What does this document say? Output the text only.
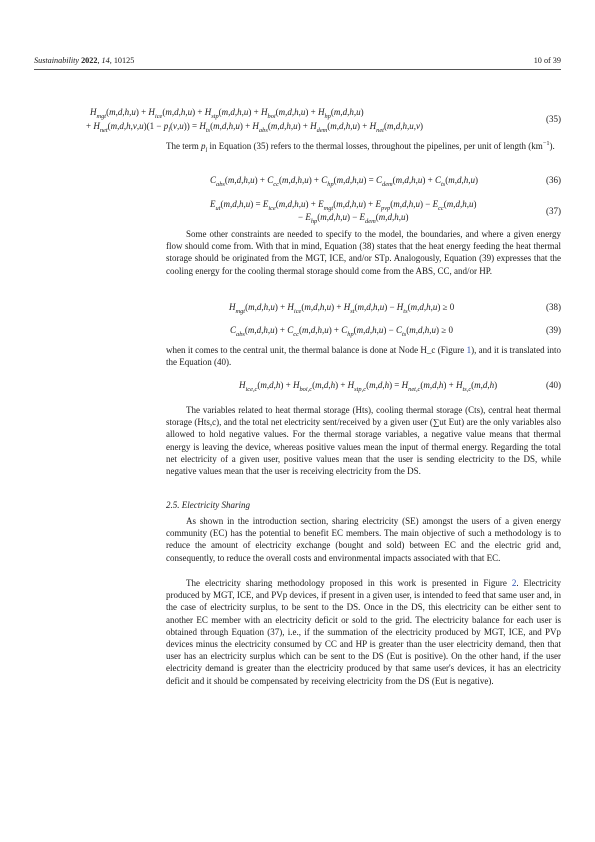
Sustainability 2022, 14, 10125	10 of 39
$H_{mgt}(m,d,h,u) + H_{ice}(m,d,h,u) + H_{stp}(m,d,h,u) + H_{boi}(m,d,h,u) + H_{hp}(m,d,h,u)$
+ $H_{net}(m,d,h,v,u)(1 - p_l(v,u)) = H_{ts}(m,d,h,u) + H_{abs}(m,d,h,u) + H_{dem}(m,d,h,u) + H_{net}(m,d,h,u,v)$
(35)

The term $p_l$ in Equation (35) refers to the thermal losses, throughout the pipelines, per unit of length $(km^{-1})$.

$C_{abs}(m,d,h,u) + C_{cc}(m,d,h,u) + C_{hp}(m,d,h,u) = C_{dem}(m,d,h,u) + C_{ts}(m,d,h,u)$	(36)
$E_{ut}(m,d,h,u) = E_{ice}(m,d,h,u) + E_{mgt}(m,d,h,u) + E_{pvp}(m,d,h,u) - E_{cc}(m,d,h,u)$
− $E_{hp}(m,d,h,u) - E_{dem}(m,d,h,u)$
(37)

Some other constraints are needed to specify to the model, the boundaries, and where a given energy flow should come from. With that in mind, Equation (38) states that the heat energy feeding the heat thermal storage should be originated from the MGT, ICE, and/or STp. Analogously, Equation (39) expresses that the cooling energy for the cooling thermal storage should come from the ABS, CC, and/or HP.

$H_{mgt}(m,d,h,u) + H_{ice}(m,d,h,u) + H_{st}(m,d,h,u) - H_{ts}(m,d,h,u) \ge 0$	(38)
$C_{abs}(m,d,h,u) + C_{cc}(m,d,h,u) + C_{hp}(m,d,h,u) - C_{ts}(m,d,h,u) \ge 0$	(39)

when it comes to the central unit, the thermal balance is done at Node H_c (Figure 1), and it is translated into the Equation (40).

$H_{ice,c}(m,d,h) + H_{boi,c}(m,d,h) + H_{stp,c}(m,d,h) = H_{net,c}(m,d,h) + H_{ts,c}(m,d,h)$	(40)

The variables related to heat thermal storage (Hts), cooling thermal storage (Cts), central heat thermal storage (Hts,c), and the total net electricity sent/received by a given user (∑ut Eut) are the only variables also allowed to hold negative values. For the thermal storage variables, a negative value means that thermal energy is leaving the device, whereas positive values mean the input of thermal energy. Regarding the total net electricity of a given user, positive values mean that the user is sending electricity to the DS, while negative values mean that the user is receiving electricity from the DS.

2.5. Electricity Sharing

As shown in the introduction section, sharing electricity (SE) amongst the users of a given energy community (EC) has the potential to benefit EC members. The main objective of such a methodology is to reduce the amount of electricity exchange (bought and sold) between EC and the electric grid and, consequently, to reduce the overall costs and environmental impacts associated with that EC.

The electricity sharing methodology proposed in this work is presented in Figure 2. Electricity produced by MGT, ICE, and PVp devices, if present in a given user, is intended to feed that same user and, in the case of electricity surplus, to be sent to the DS. Once in the DS, this electricity can be either sent to another EC member with an electricity deficit or sold to the grid. The electricity balance for each user is obtained through Equation (37), i.e., if the summation of the electricity produced by MGT, ICE, and PVp devices minus the electricity consumed by CC and HP is greater than the user electricity demand, then that user has an electricity surplus which can be sent to the DS (Eut is positive). On the other hand, if the user electricity demand is greater than the electricity produced by that same user's devices, it has an electricity deficit and it should be compensated by receiving electricity from the DS (Eut is negative).
